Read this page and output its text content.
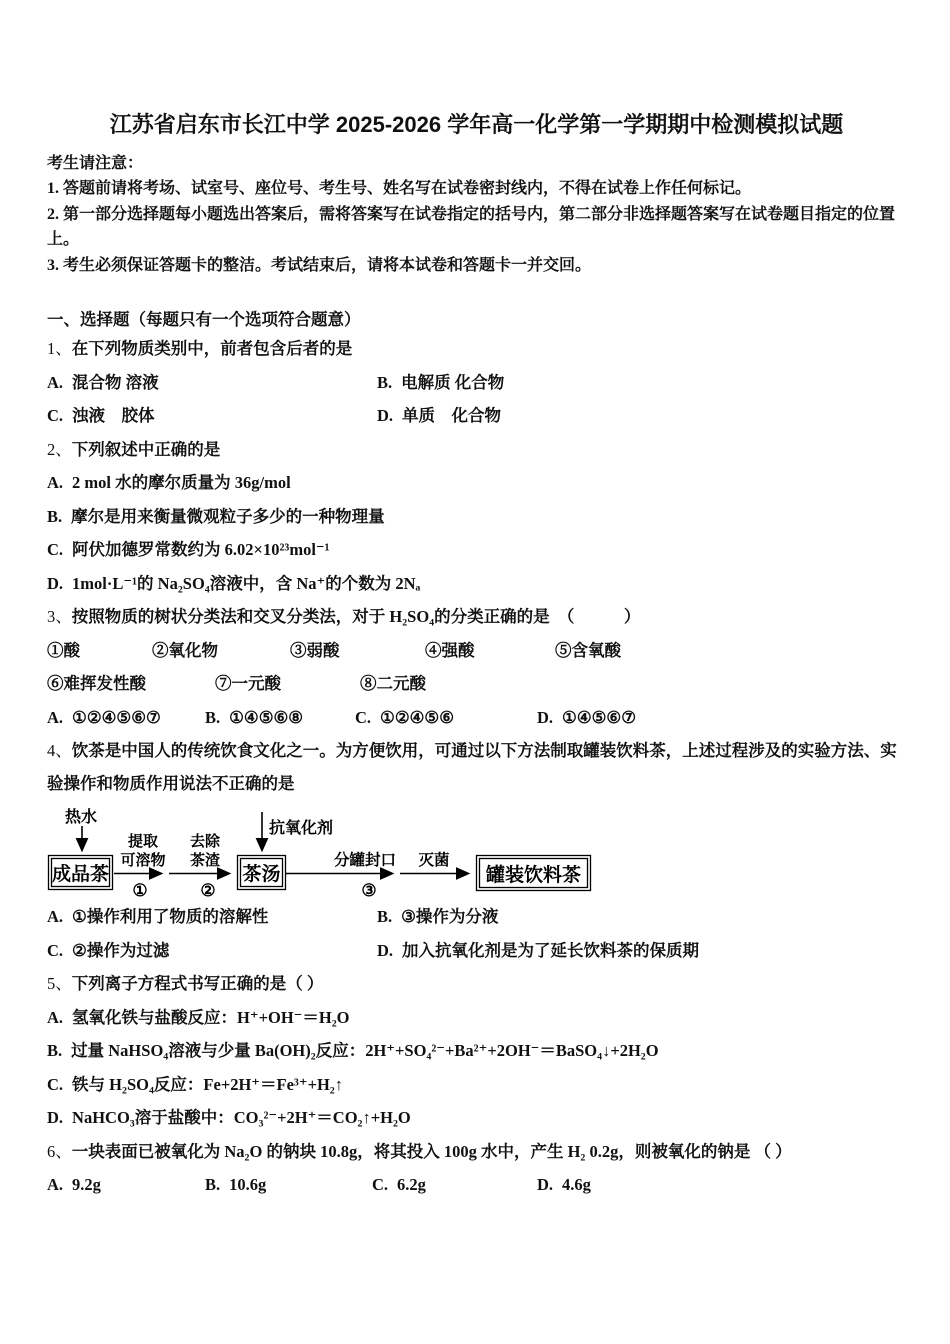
江苏省启东市长江中学 2025-2026 学年高一化学第一学期期中检测模拟试题
考生请注意：
1. 答题前请将考场、试室号、座位号、考生号、姓名写在试卷密封线内，不得在试卷上作任何标记。
2. 第一部分选择题每小题选出答案后，需将答案写在试卷指定的括号内，第二部分非选择题答案写在试卷题目指定的位置上。
3. 考生必须保证答题卡的整洁。考试结束后，请将本试卷和答题卡一并交回。
一、选择题（每题只有一个选项符合题意）
1、在下列物质类别中，前者包含后者的是
A. 混合物 溶液	B. 电解质 化合物
C. 浊液　胶体	D. 单质　化合物
2、下列叙述中正确的是
A. 2 mol 水的摩尔质量为 36g/mol
B. 摩尔是用来衡量微观粒子多少的一种物理量
C. 阿伏加德罗常数约为 6.02×10²³mol⁻¹
D. 1mol·L⁻¹的 Na₂SO₄溶液中，含 Na⁺的个数为 2Nₐ
3、按照物质的树状分类法和交叉分类法，对于 H₂SO₄的分类正确的是　（　　　）
①酸	②氧化物	③弱酸	④强酸	⑤含氧酸
⑥难挥发性酸	⑦一元酸	⑧二元酸
A. ①②④⑤⑥⑦	B. ①④⑤⑥⑧	C. ①②④⑤⑥	D. ①④⑤⑥⑦
4、饮茶是中国人的传统饮食文化之一。为方便饮用，可通过以下方法制取罐装饮料茶，上述过程涉及的实验方法、实验操作和物质作用说法不正确的是
热水
成品茶
提取
可溶物
①
去除
茶渣
②
抗氧化剂
茶汤
分罐封口 灭菌
③
罐装饮料茶
A. ①操作利用了物质的溶解性	B. ③操作为分液
C. ②操作为过滤	D. 加入抗氧化剂是为了延长饮料茶的保质期
5、下列离子方程式书写正确的是（ ）
A. 氢氧化铁与盐酸反应：H⁺+OH⁻＝H₂O
B. 过量 NaHSO₄溶液与少量 Ba(OH)₂反应：2H⁺+SO₄²⁻+Ba²⁺+2OH⁻＝BaSO₄↓+2H₂O
C. 铁与 H₂SO₄反应：Fe+2H⁺＝Fe³⁺+H₂↑
D. NaHCO₃溶于盐酸中：CO₃²⁻+2H⁺＝CO₂↑+H₂O
6、一块表面已被氧化为 Na₂O 的钠块 10.8g，将其投入 100g 水中，产生 H₂ 0.2g，则被氧化的钠是 （ ）
A. 9.2g	B. 10.6g	C. 6.2g	D. 4.6g
